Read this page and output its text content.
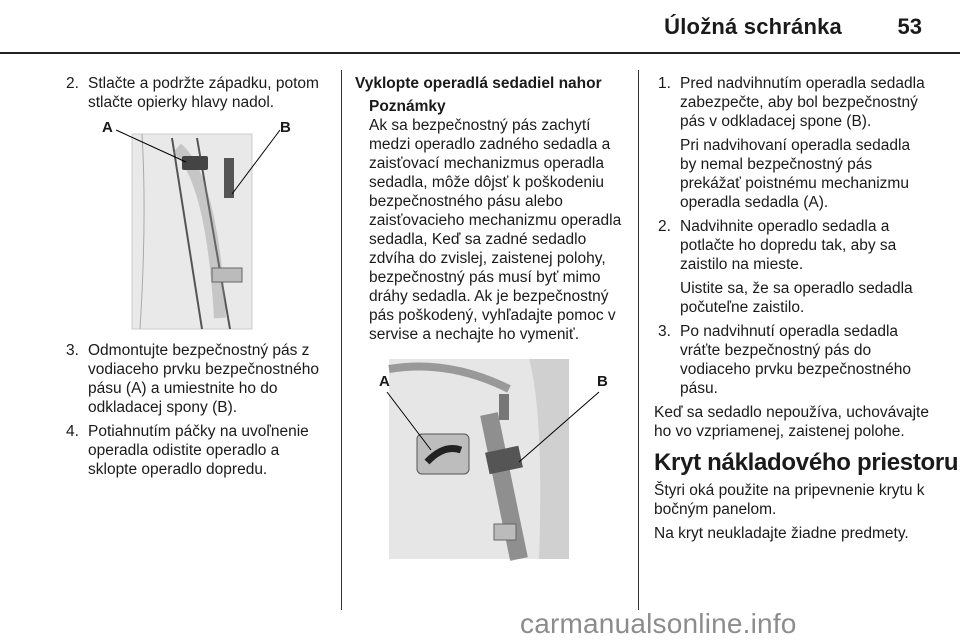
Úložná schránka	53
2. Stlačte a podržte západku, potom stlačte opierky hlavy nadol.

A	B
3. Odmontujte bezpečnostný pás z vodiaceho prvku bezpečnostného pásu (A) a umiestnite ho do odkladacej spony (B).

4. Potiahnutím páčky na uvoľnenie operadla odistite operadlo a sklopte operadlo dopredu.

Vyklopte operadlá sedadiel nahor

Poznámky

Ak sa bezpečnostný pás zachytí medzi operadlo zadného sedadla a zaisťovací mechanizmus operadla sedadla, môže dôjsť k poškodeniu bezpečnostného pásu alebo zaisťovacieho mechanizmu operadla sedadla, Keď sa zadné sedadlo zdvíha do zvislej, zaistenej polohy, bezpečnostný pás musí byť mimo dráhy sedadla. Ak je bezpečnostný pás poškodený, vyhľadajte pomoc v servise a nechajte ho vymeniť.

A	B
1. Pred nadvihnutím operadla sedadla zabezpečte, aby bol bezpečnostný pás v odkladacej spone (B).

Pri nadvihovaní operadla sedadla by nemal bezpečnostný pás prekážať poistnému mechanizmu operadla sedadla (A).

2. Nadvihnite operadlo sedadla a potlačte ho dopredu tak, aby sa zaistilo na mieste.

Uistite sa, že sa operadlo sedadla počuteľne zaistilo.

3. Po nadvihnutí operadla sedadla vráťte bezpečnostný pás do vodiaceho prvku bezpečnostného pásu.

Keď sa sedadlo nepoužíva, uchovávajte ho vo vzpriamenej, zaistenej polohe.

Kryt nákladového priestoru

Štyri oká použite na pripevnenie krytu k bočným panelom.

Na kryt neukladajte žiadne predmety.

carmanualsonline.info
